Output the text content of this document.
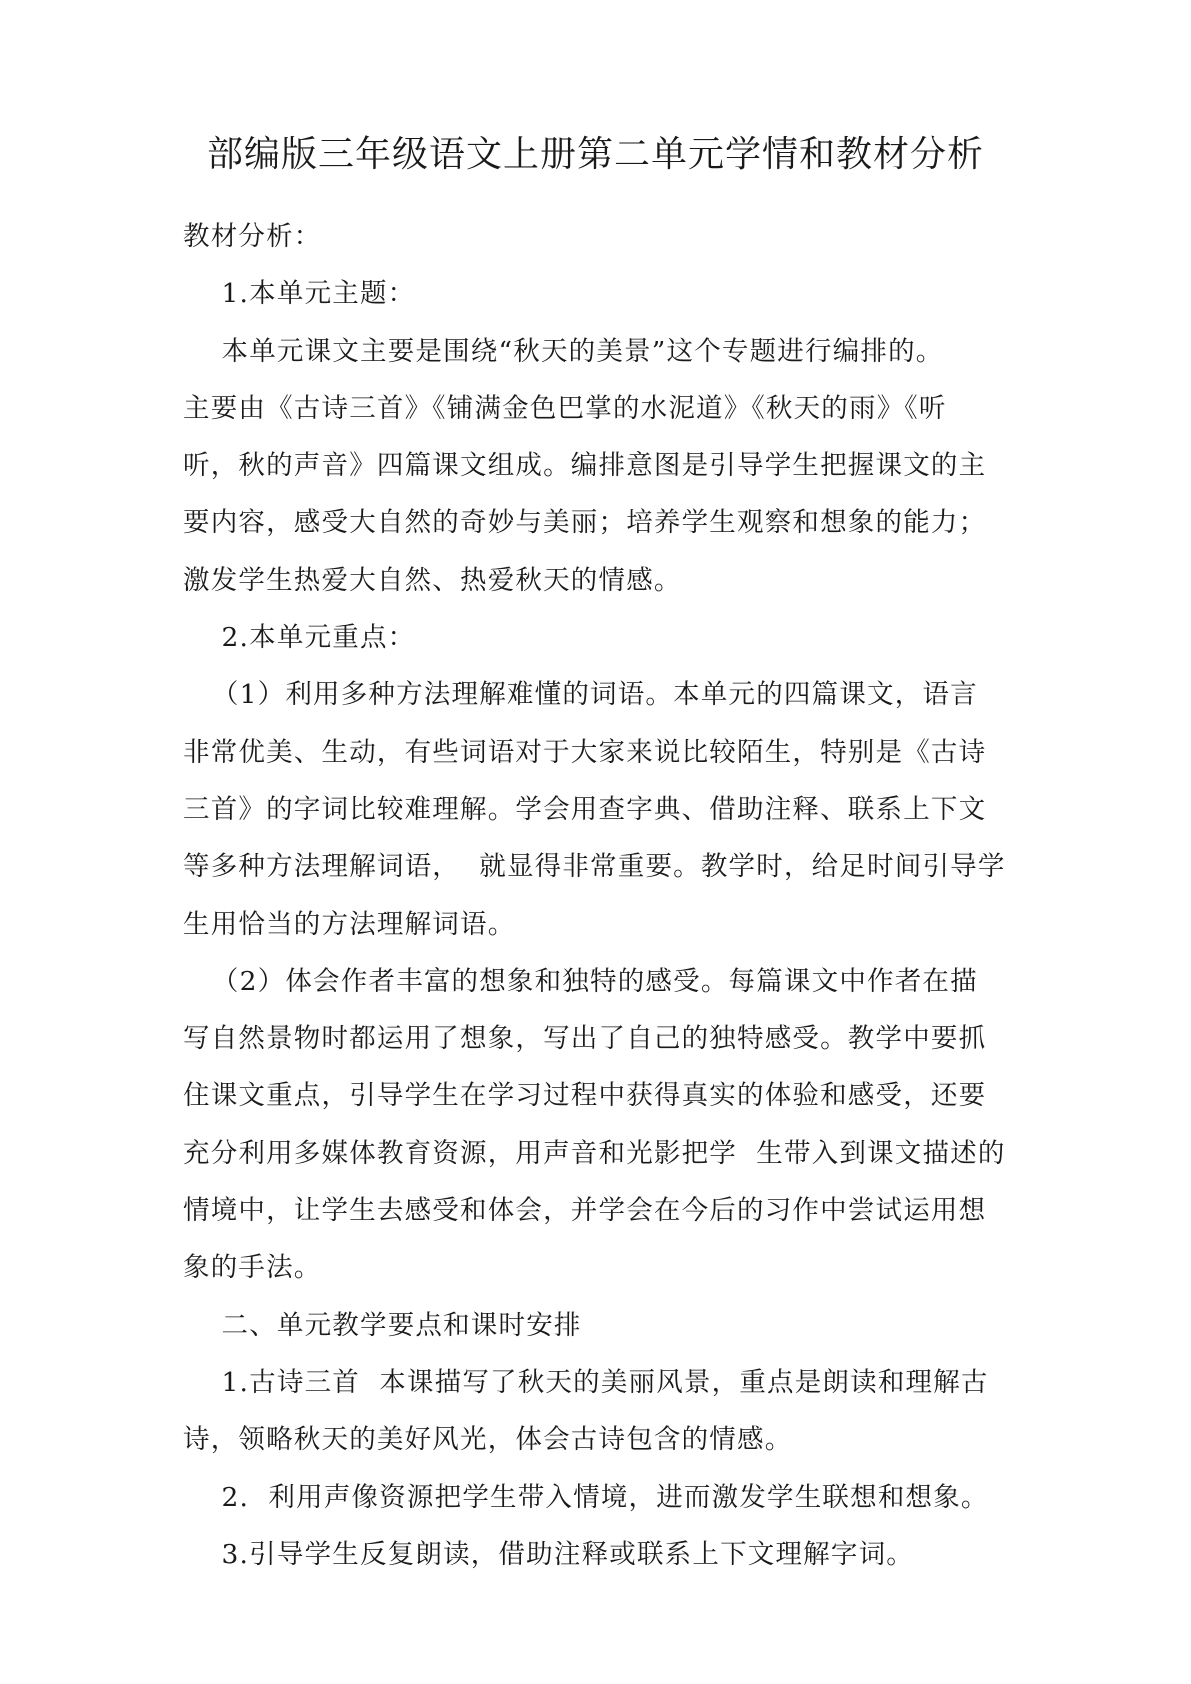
部编版三年级语文上册第二单元学情和教材分析

教材分析：

1.本单元主题：

本单元课文主要是围绕“秋天的美景”这个专题进行编排的。

主要由《古诗三首》《铺满金色巴掌的水泥道》《秋天的雨》《听

听，秋的声音》四篇课文组成。编排意图是引导学生把握课文的主

要内容，感受大自然的奇妙与美丽；培养学生观察和想象的能力；

激发学生热爱大自然、热爱秋天的情感。

2.本单元重点：

（1）利用多种方法理解难懂的词语。本单元的四篇课文，语言

非常优美、生动，有些词语对于大家来说比较陌生，特别是《古诗

三首》的字词比较难理解。学会用查字典、借助注释、联系上下文

等多种方法理解词语，  就显得非常重要。教学时，给足时间引导学

生用恰当的方法理解词语。

（2）体会作者丰富的想象和独特的感受。每篇课文中作者在描

写自然景物时都运用了想象，写出了自己的独特感受。教学中要抓

住课文重点，引导学生在学习过程中获得真实的体验和感受，还要

充分利用多媒体教育资源，用声音和光影把学  生带入到课文描述的

情境中，让学生去感受和体会，并学会在今后的习作中尝试运用想

象的手法。

二、单元教学要点和课时安排

1.古诗三首  本课描写了秋天的美丽风景，重点是朗读和理解古

诗，领略秋天的美好风光，体会古诗包含的情感。

2.  利用声像资源把学生带入情境，进而激发学生联想和想象。

3.引导学生反复朗读，借助注释或联系上下文理解字词。
